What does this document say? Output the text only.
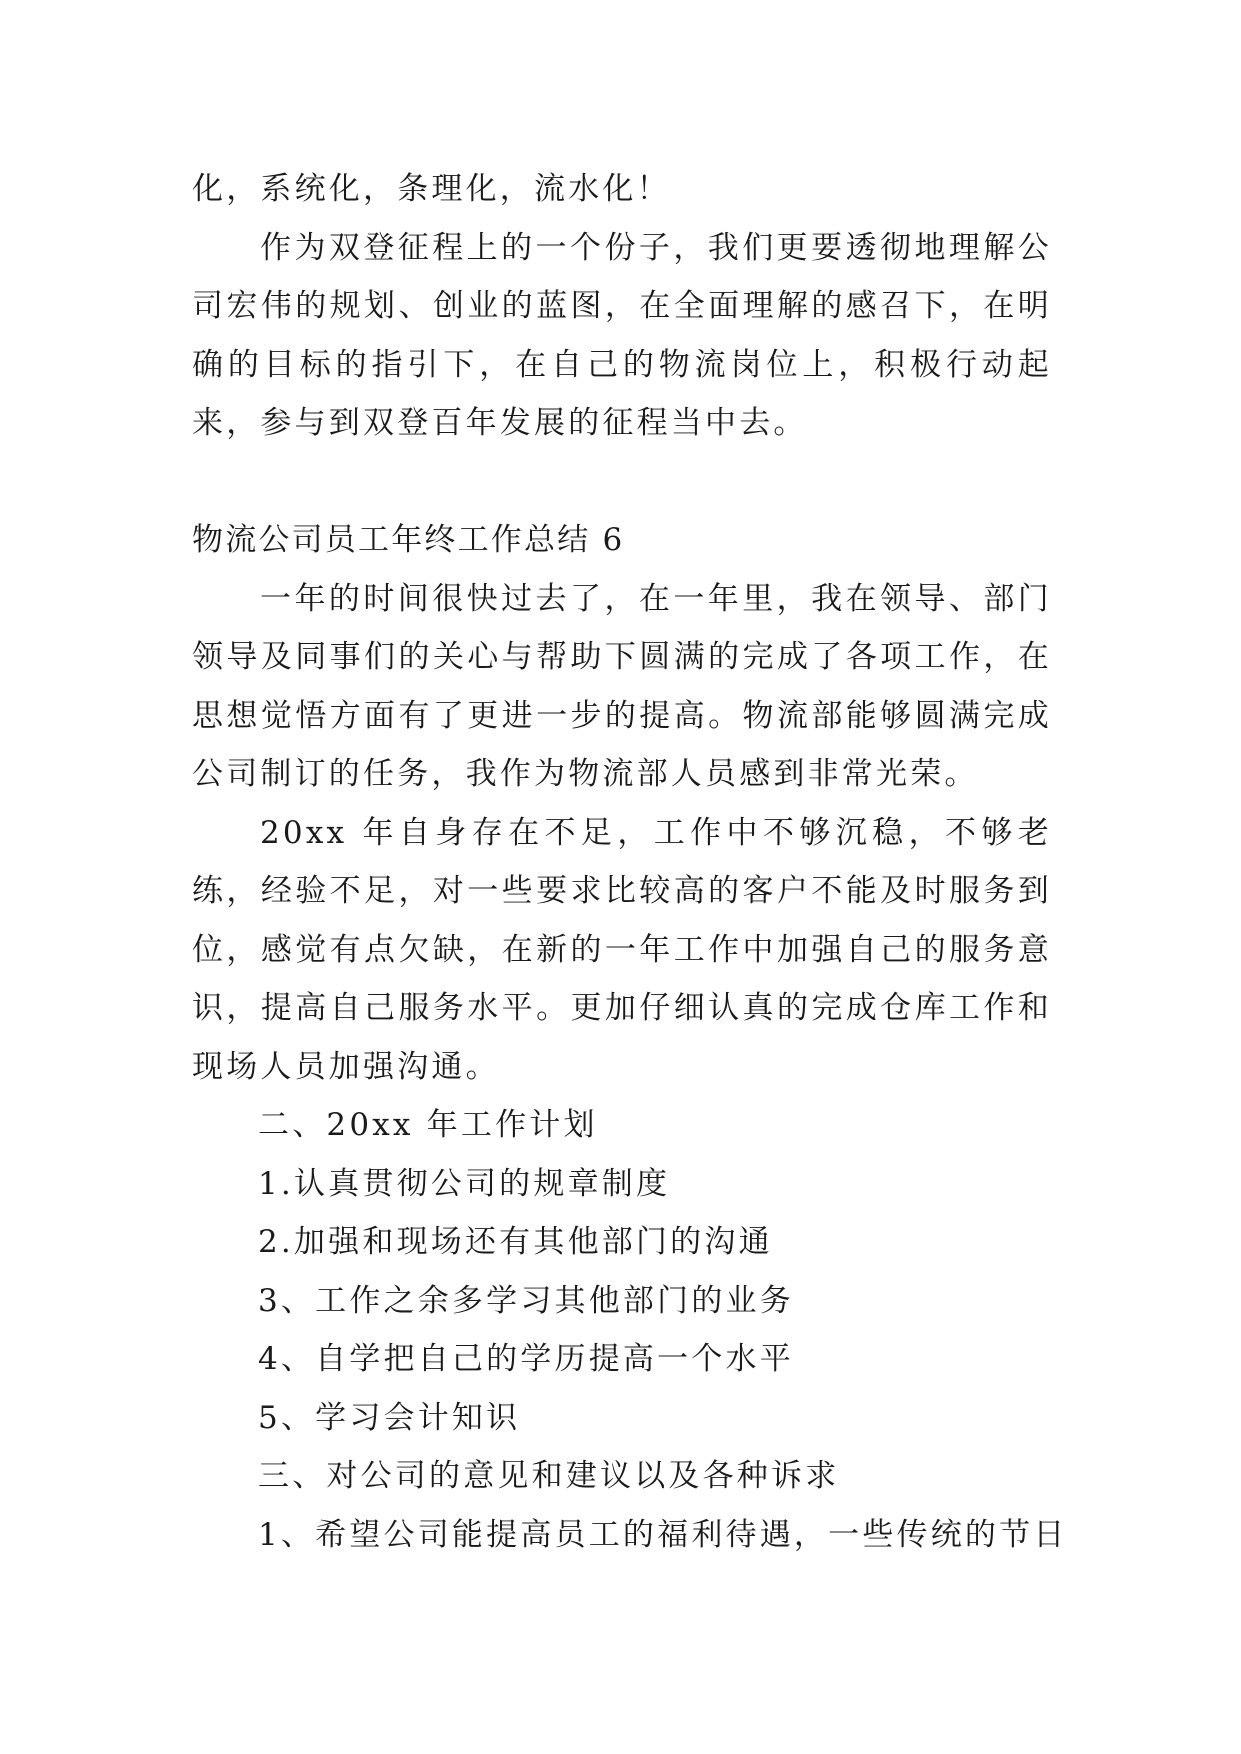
化，系统化，条理化，流水化！

作为双登征程上的一个份子，我们更要透彻地理解公司宏伟的规划、创业的蓝图，在全面理解的感召下，在明确的目标的指引下，在自己的物流岗位上，积极行动起来，参与到双登百年发展的征程当中去。

物流公司员工年终工作总结 6

一年的时间很快过去了，在一年里，我在领导、部门领导及同事们的关心与帮助下圆满的完成了各项工作，在思想觉悟方面有了更进一步的提高。物流部能够圆满完成公司制订的任务，我作为物流部人员感到非常光荣。

20xx 年自身存在不足，工作中不够沉稳，不够老练，经验不足，对一些要求比较高的客户不能及时服务到位，感觉有点欠缺，在新的一年工作中加强自己的服务意识，提高自己服务水平。更加仔细认真的完成仓库工作和现场人员加强沟通。

二、20xx 年工作计划

1.认真贯彻公司的规章制度

2.加强和现场还有其他部门的沟通

3、工作之余多学习其他部门的业务

4、自学把自己的学历提高一个水平

5、学习会计知识

三、对公司的意见和建议以及各种诉求

1、希望公司能提高员工的福利待遇，一些传统的节日
